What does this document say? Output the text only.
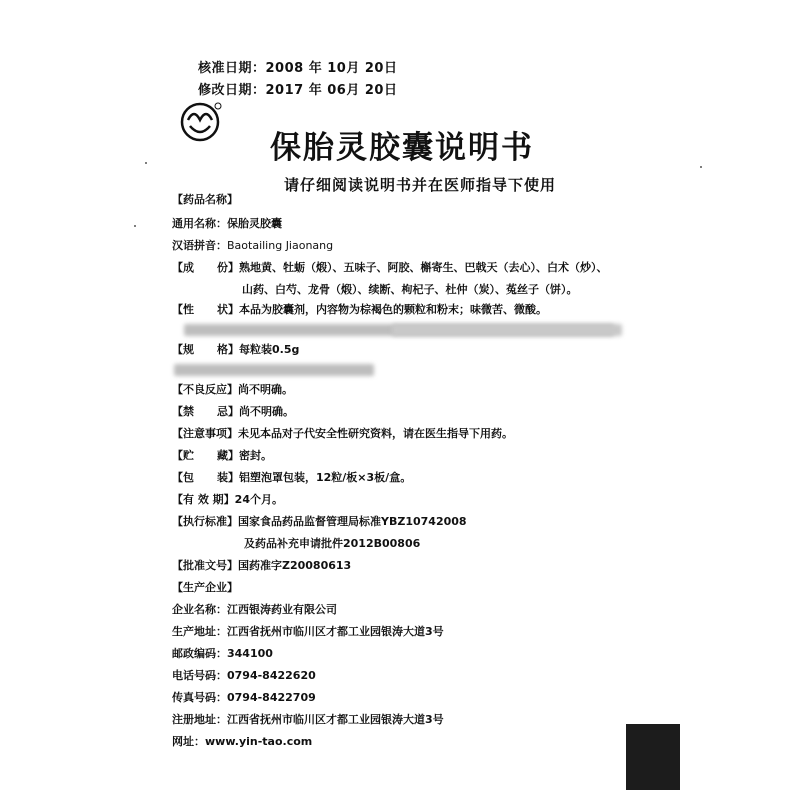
核准日期：2008 年 10月 20日
修改日期：2017 年 06月 20日
保胎灵胶囊说明书
请仔细阅读说明书并在医师指导下使用
【药品名称】
通用名称：保胎灵胶囊
汉语拼音：Baotailing Jiaonang
【成      份】熟地黄、牡蛎（煅）、五味子、阿胶、槲寄生、巴戟天（去心）、白术（炒）、
山药、白芍、龙骨（煅）、续断、枸杞子、杜仲（炭）、菟丝子（饼）。
【性      状】本品为胶囊剂，内容物为棕褐色的颗粒和粉末；味微苦、微酸。
【规      格】每粒装0.5g
【不良反应】尚不明确。
【禁      忌】尚不明确。
【注意事项】未见本品对子代安全性研究资料，请在医生指导下用药。
【贮      藏】密封。
【包      装】铝塑泡罩包装，12粒/板×3板/盒。
【有 效 期】24个月。
【执行标准】国家食品药品监督管理局标准YBZ10742008
及药品补充申请批件2012B00806
【批准文号】国药准字Z20080613
【生产企业】
企业名称：江西银涛药业有限公司
生产地址：江西省抚州市临川区才都工业园银涛大道3号
邮政编码：344100
电话号码：0794-8422620
传真号码：0794-8422709
注册地址：江西省抚州市临川区才都工业园银涛大道3号
网址：www.yin-tao.com
